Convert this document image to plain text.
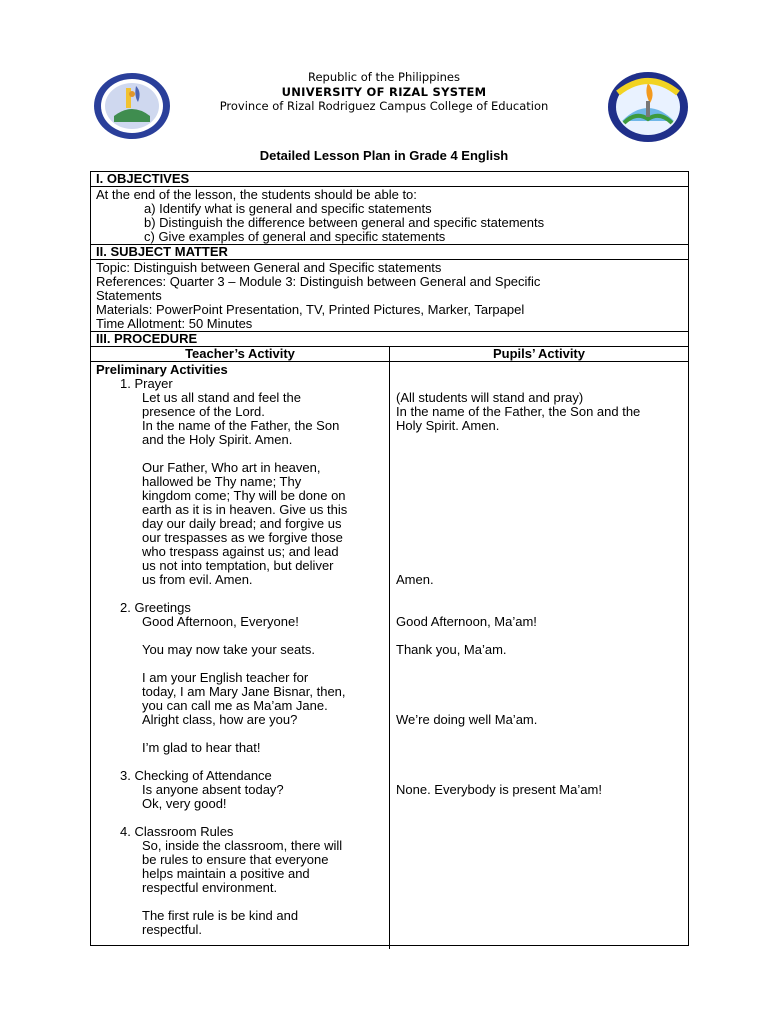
Republic of the Philippines
UNIVERSITY OF RIZAL SYSTEM
Province of Rizal Rodriguez Campus College of Education
Detailed Lesson Plan in Grade 4 English
I. OBJECTIVES
At the end of the lesson, the students should be able to:
a) Identify what is general and specific statements
b) Distinguish the difference between general and specific statements
c) Give examples of general and specific statements
II. SUBJECT MATTER
Topic: Distinguish between General and Specific statements
References: Quarter 3 – Module 3: Distinguish between General and Specific
Statements
Materials: PowerPoint Presentation, TV, Printed Pictures, Marker, Tarpapel
Time Allotment: 50 Minutes
III. PROCEDURE
Teacher’s Activity	Pupils’ Activity
Preliminary Activities
1. Prayer
Let us all stand and feel the
presence of the Lord.
In the name of the Father, the Son
and the Holy Spirit. Amen.
Our Father, Who art in heaven,
hallowed be Thy name; Thy
kingdom come; Thy will be done on
earth as it is in heaven. Give us this
day our daily bread; and forgive us
our trespasses as we forgive those
who trespass against us; and lead
us not into temptation, but deliver
us from evil. Amen.
2. Greetings
Good Afternoon, Everyone!
You may now take your seats.
I am your English teacher for
today, I am Mary Jane Bisnar, then,
you can call me as Ma’am Jane.
Alright class, how are you?
I’m glad to hear that!
3. Checking of Attendance
Is anyone absent today?
Ok, very good!
4. Classroom Rules
So, inside the classroom, there will
be rules to ensure that everyone
helps maintain a positive and
respectful environment.
The first rule is be kind and
respectful.
(All students will stand and pray)
In the name of the Father, the Son and the
Holy Spirit. Amen.
Amen.
Good Afternoon, Ma’am!
Thank you, Ma’am.
We’re doing well Ma’am.
None. Everybody is present Ma’am!
